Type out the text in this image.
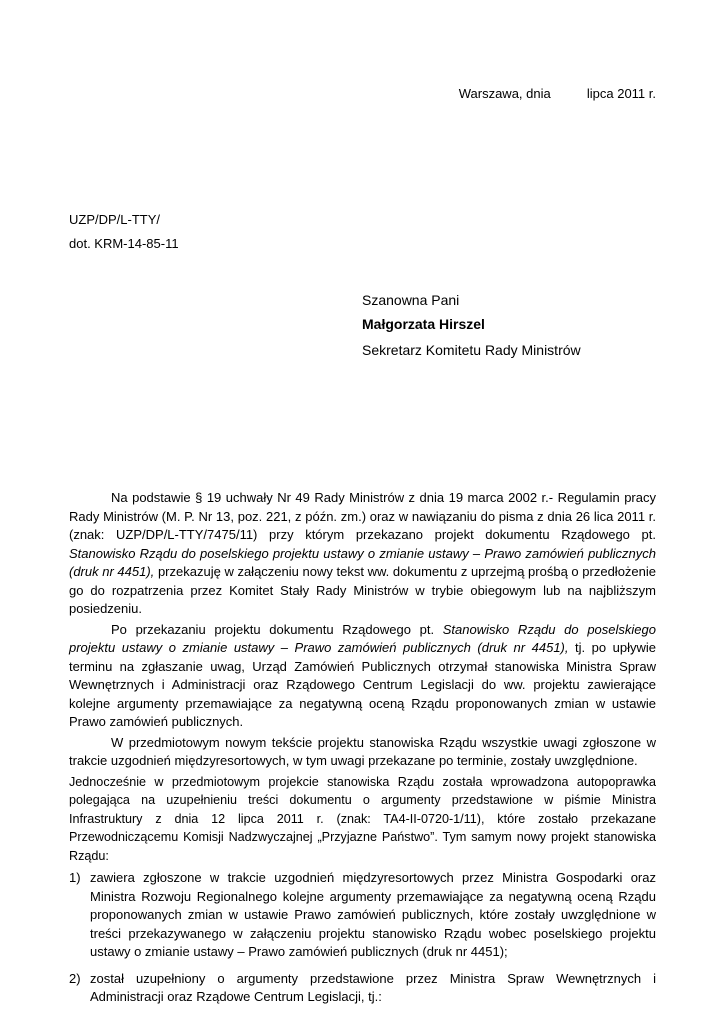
Warszawa, dnia	lipca 2011 r.
UZP/DP/L-TTY/
dot. KRM-14-85-11
Szanowna Pani
Małgorzata Hirszel
Sekretarz Komitetu Rady Ministrów

Na podstawie § 19 uchwały Nr 49 Rady Ministrów z dnia 19 marca 2002 r.- Regulamin pracy Rady Ministrów (M. P. Nr 13, poz. 221, z późn. zm.) oraz w nawiązaniu do pisma z dnia 26 lica 2011 r. (znak: UZP/DP/L-TTY/7475/11) przy którym przekazano projekt dokumentu Rządowego pt. Stanowisko Rządu do poselskiego projektu ustawy o zmianie ustawy – Prawo zamówień publicznych (druk nr 4451), przekazuję w załączeniu nowy tekst ww. dokumentu z uprzejmą prośbą o przedłożenie go do rozpatrzenia przez Komitet Stały Rady Ministrów w trybie obiegowym lub na najbliższym posiedzeniu.

Po przekazaniu projektu dokumentu Rządowego pt. Stanowisko Rządu do poselskiego projektu ustawy o zmianie ustawy – Prawo zamówień publicznych (druk nr 4451), tj. po upływie terminu na zgłaszanie uwag, Urząd Zamówień Publicznych otrzymał stanowiska Ministra Spraw Wewnętrznych i Administracji oraz Rządowego Centrum Legislacji do ww. projektu zawierające kolejne argumenty przemawiające za negatywną oceną Rządu proponowanych zmian w ustawie Prawo zamówień publicznych.

W przedmiotowym nowym tekście projektu stanowiska Rządu wszystkie uwagi zgłoszone w trakcie uzgodnień międzyresortowych, w tym uwagi przekazane po terminie, zostały uwzględnione.

Jednocześnie w przedmiotowym projekcie stanowiska Rządu została wprowadzona autopoprawka polegająca na uzupełnieniu treści dokumentu o argumenty przedstawione w piśmie Ministra Infrastruktury z dnia 12 lipca 2011 r. (znak: TA4-II-0720-1/11), które zostało przekazane Przewodniczącemu Komisji Nadzwyczajnej „Przyjazne Państwo”. Tym samym nowy projekt stanowiska Rządu:

1) zawiera zgłoszone w trakcie uzgodnień międzyresortowych przez Ministra Gospodarki oraz Ministra Rozwoju Regionalnego kolejne argumenty przemawiające za negatywną oceną Rządu proponowanych zmian w ustawie Prawo zamówień publicznych, które zostały uwzględnione w treści przekazywanego w załączeniu projektu stanowisko Rządu wobec poselskiego projektu ustawy o zmianie ustawy – Prawo zamówień publicznych (druk nr 4451);
2) został uzupełniony o argumenty przedstawione przez Ministra Spraw Wewnętrznych i Administracji oraz Rządowe Centrum Legislacji, tj.:
